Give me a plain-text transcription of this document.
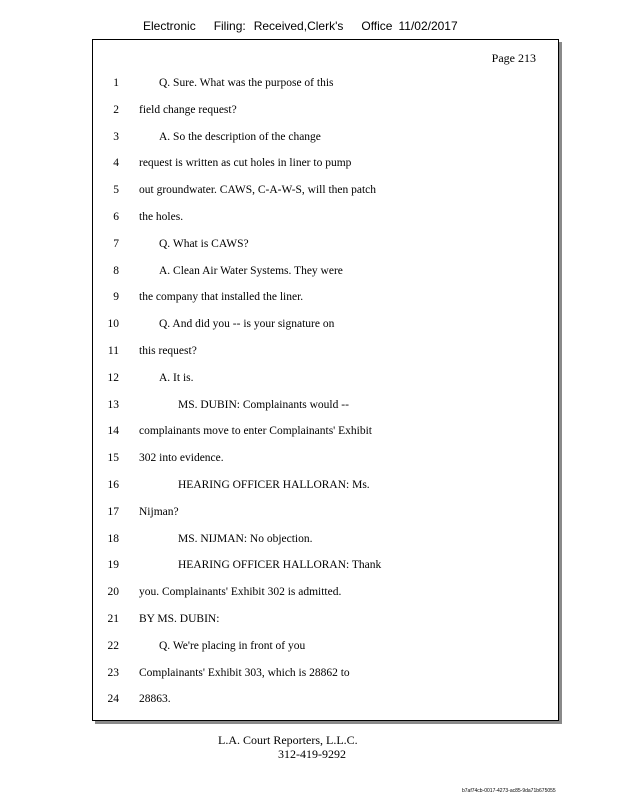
Electronic Filing: Received,Clerk's Office 11/02/2017
Page 213
1	Q. Sure. What was the purpose of this
2 field change request?
3	A. So the description of the change
4 request is written as cut holes in liner to pump
5 out groundwater. CAWS, C-A-W-S, will then patch
6 the holes.
7	Q. What is CAWS?
8	A. Clean Air Water Systems. They were
9 the company that installed the liner.
10	Q. And did you -- is your signature on
11 this request?
12	A. It is.
13	MS. DUBIN: Complainants would --
14 complainants move to enter Complainants' Exhibit
15 302 into evidence.
16	HEARING OFFICER HALLORAN: Ms.
17 Nijman?
18	MS. NIJMAN: No objection.
19	HEARING OFFICER HALLORAN: Thank
20 you. Complainants' Exhibit 302 is admitted.
21 BY MS. DUBIN:
22	Q. We're placing in front of you
23 Complainants' Exhibit 303, which is 28862 to
24 28863.
L.A. Court Reporters, L.L.C.
312-419-9292
b7af74cb-0017-4273-ac85-9da71b675055
